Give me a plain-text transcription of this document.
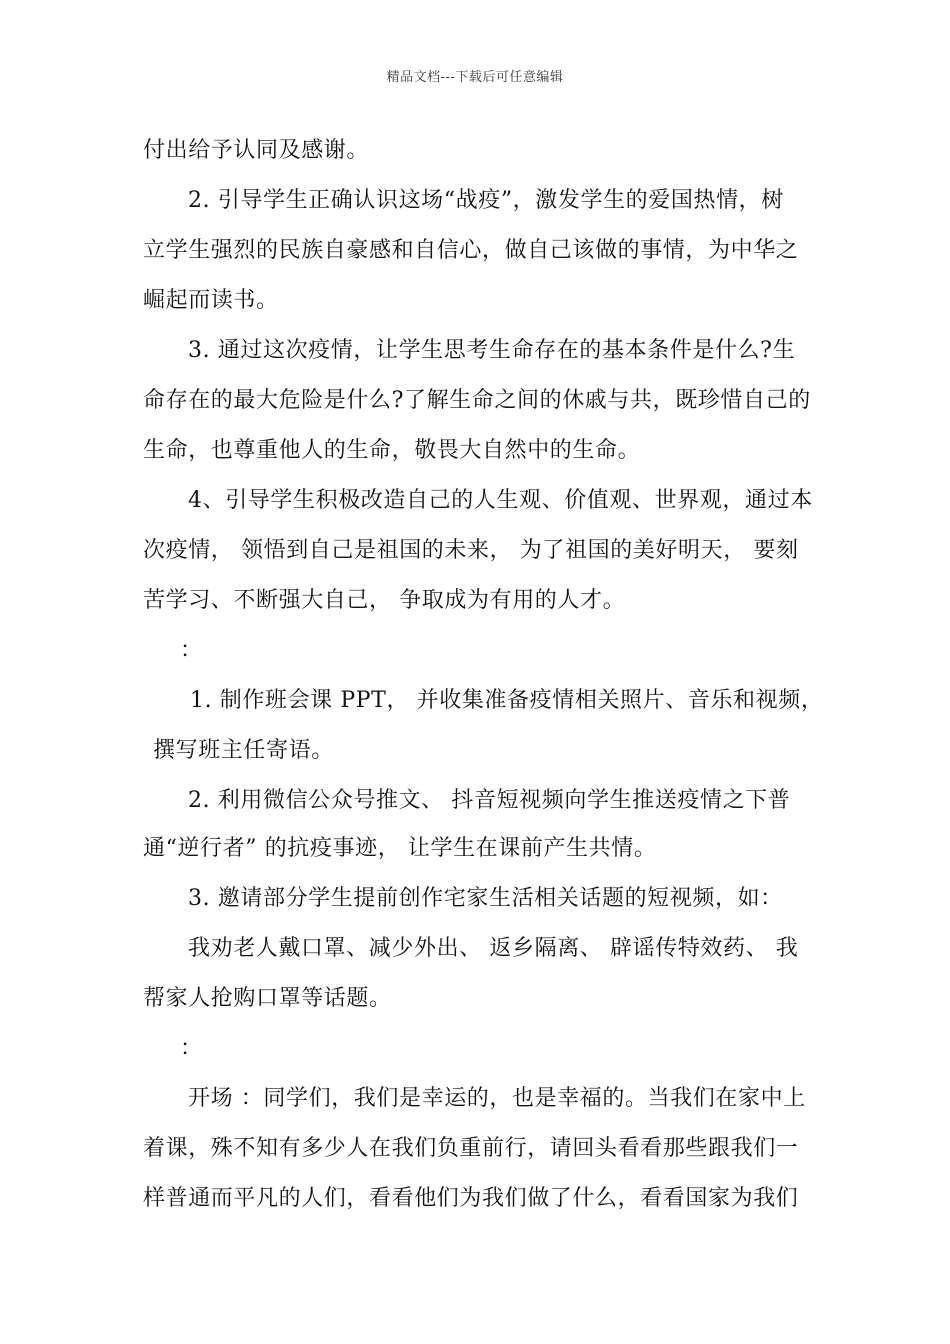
精品文档---下载后可任意编辑
付出给予认同及感谢。
2. 引导学生正确认识这场“战疫”，激发学生的爱国热情，树
立学生强烈的民族自豪感和自信心，做自己该做的事情，为中华之
崛起而读书。
3. 通过这次疫情，让学生思考生命存在的基本条件是什么?生
命存在的最大危险是什么?了解生命之间的休戚与共，既珍惜自己的
生命，也尊重他人的生命，敬畏大自然中的生命。
4、引导学生积极改造自己的人生观、价值观、世界观，通过本
次疫情， 领悟到自己是祖国的未来， 为了祖国的美好明天， 要刻
苦学习、不断强大自己， 争取成为有用的人才。
：
1. 制作班会课 PPT， 并收集准备疫情相关照片、音乐和视频，
撰写班主任寄语。
2. 利用微信公众号推文、 抖音短视频向学生推送疫情之下普
通“逆行者” 的抗疫事迹， 让学生在课前产生共情。
3. 邀请部分学生提前创作宅家生活相关话题的短视频，如：
我劝老人戴口罩、减少外出、 返乡隔离、 辟谣传特效药、 我
帮家人抢购口罩等话题。
：
开场 ：同学们，我们是幸运的，也是幸福的。当我们在家中上
着课，殊不知有多少人在我们负重前行，请回头看看那些跟我们一
样普通而平凡的人们，看看他们为我们做了什么，看看国家为我们
